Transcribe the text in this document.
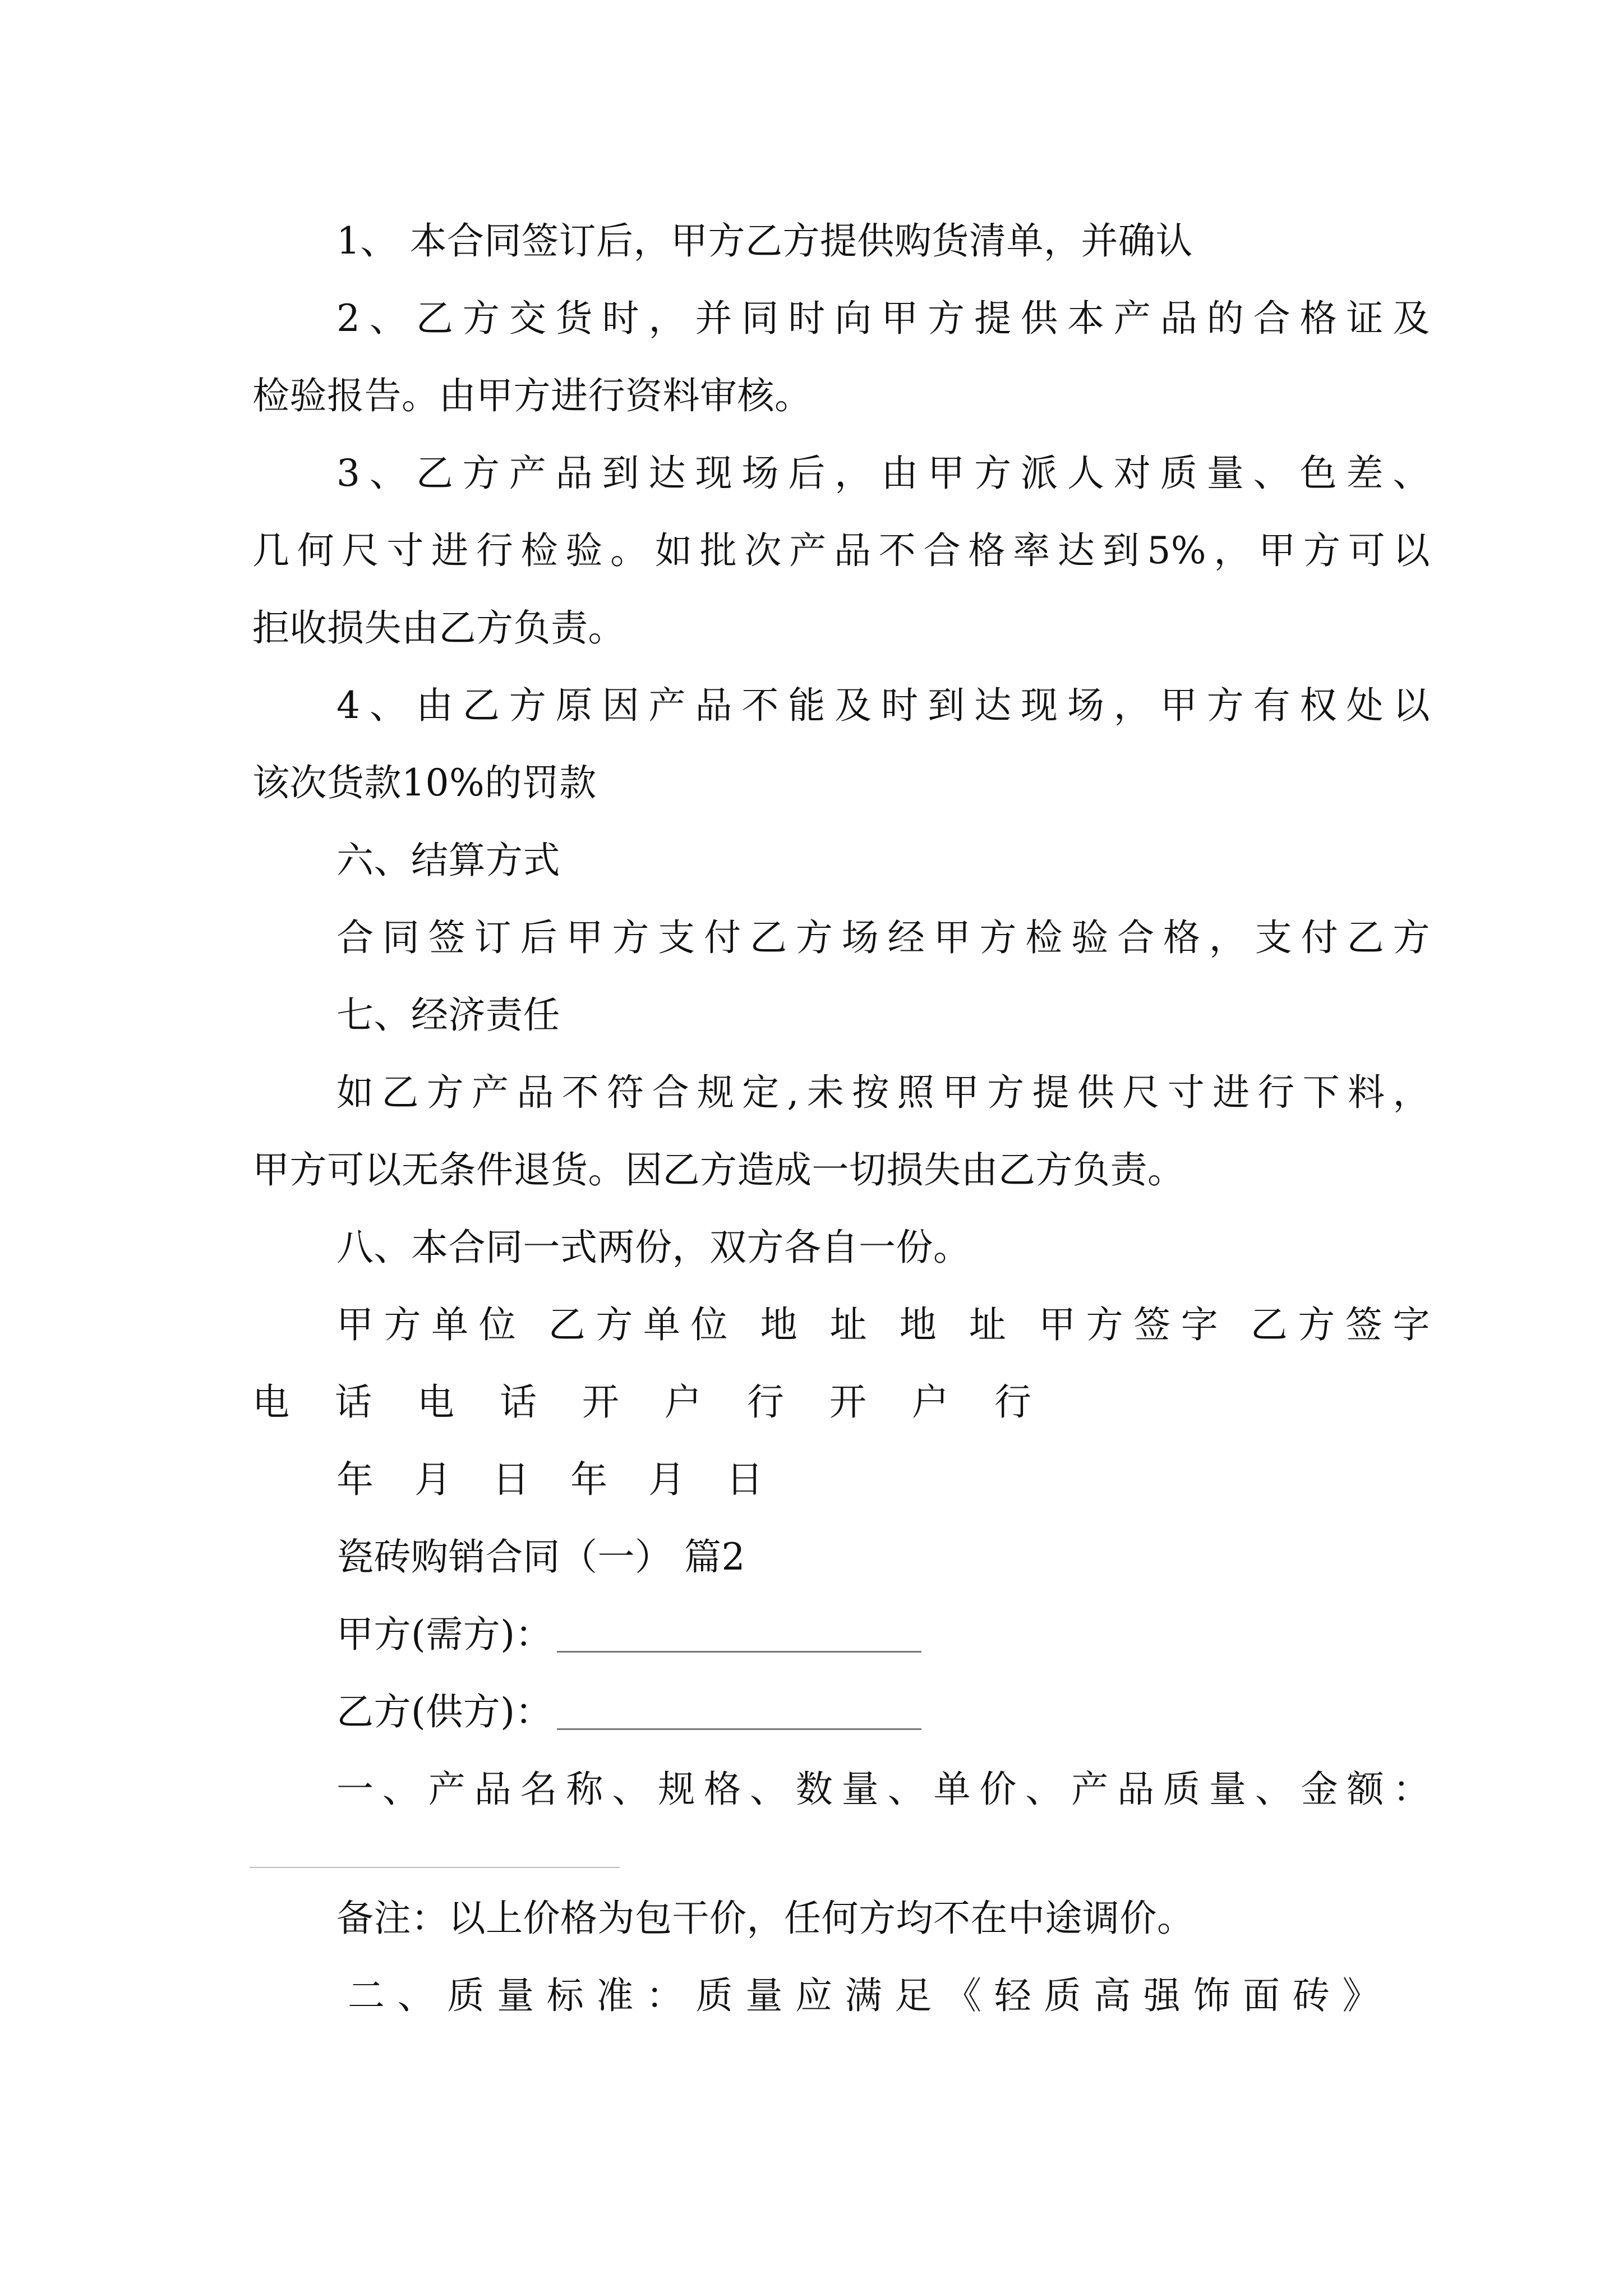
1、 本合同签订后，甲方乙方提供购货清单，并确认
2、乙方交货时，并同时向甲方提供本产品的合格证及
检验报告。由甲方进行资料审核。
3、乙方产品到达现场后，由甲方派人对质量、色差、
几何尺寸进行检验。如批次产品不合格率达到5%，甲方可以
拒收损失由乙方负责。
4、由乙方原因产品不能及时到达现场，甲方有权处以
该次货款10%的罚款
六、结算方式
合同签订后甲方支付乙方场经甲方检验合格，支付乙方
七、经济责任
如乙方产品不符合规定,未按照甲方提供尺寸进行下料，
甲方可以无条件退货。因乙方造成一切损失由乙方负责。
八、本合同一式两份，双方各自一份。
甲方单位 乙方单位 地 址 地 址 甲方签字 乙方签字
电 话 电 话 开 户 行 开 户 行
年 月 日 年 月 日
瓷砖购销合同（一） 篇2
甲方(需方)：
乙方(供方)：
一、产品名称、规格、数量、单价、产品质量、金额：
备注：以上价格为包干价，任何方均不在中途调价。
二、质量标准：质量应满足《轻质高强饰面砖》
